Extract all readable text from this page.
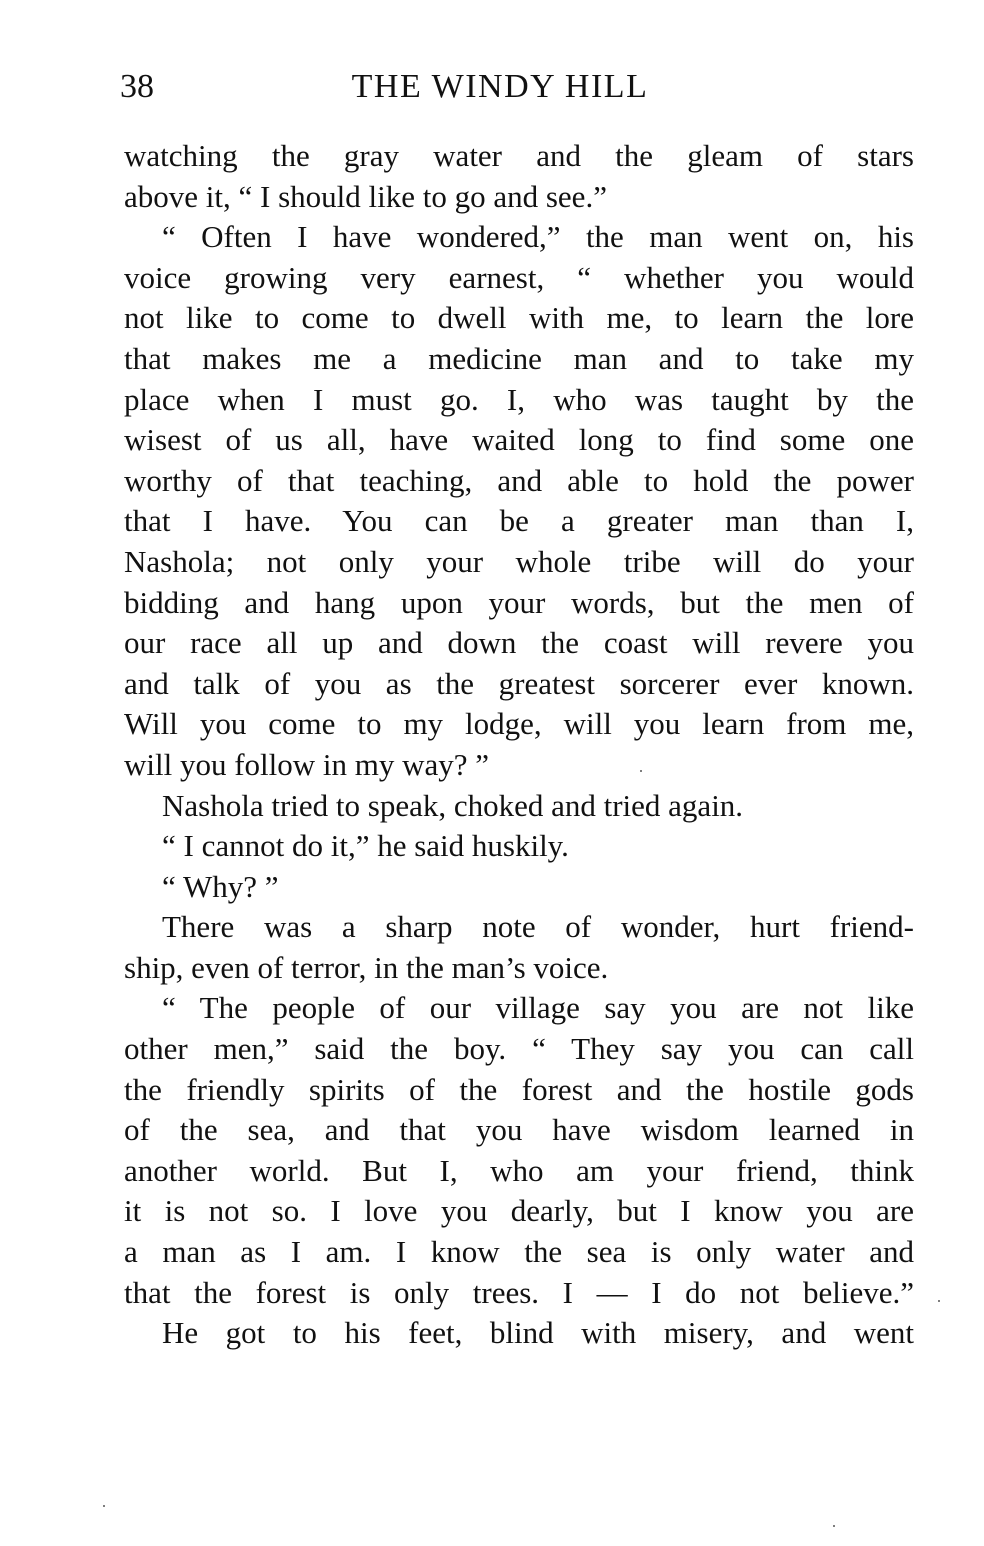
38	THE WINDY HILL
watching the gray water and the gleam of stars
above it, “ I should like to go and see.”
“ Often I have wondered,” the man went on, his
voice growing very earnest, “ whether you would
not like to come to dwell with me, to learn the lore
that makes me a medicine man and to take my
place when I must go. I, who was taught by the
wisest of us all, have waited long to find some one
worthy of that teaching, and able to hold the power
that I have. You can be a greater man than I,
Nashola; not only your whole tribe will do your
bidding and hang upon your words, but the men of
our race all up and down the coast will revere you
and talk of you as the greatest sorcerer ever known.
Will you come to my lodge, will you learn from me,
will you follow in my way? ”
Nashola tried to speak, choked and tried again.
“ I cannot do it,” he said huskily.
“ Why? ”
There was a sharp note of wonder, hurt friend-
ship, even of terror, in the man’s voice.
“ The people of our village say you are not like
other men,” said the boy. “ They say you can call
the friendly spirits of the forest and the hostile gods
of the sea, and that you have wisdom learned in
another world. But I, who am your friend, think
it is not so. I love you dearly, but I know you are
a man as I am. I know the sea is only water and
that the forest is only trees. I — I do not believe.”
He got to his feet, blind with misery, and went
